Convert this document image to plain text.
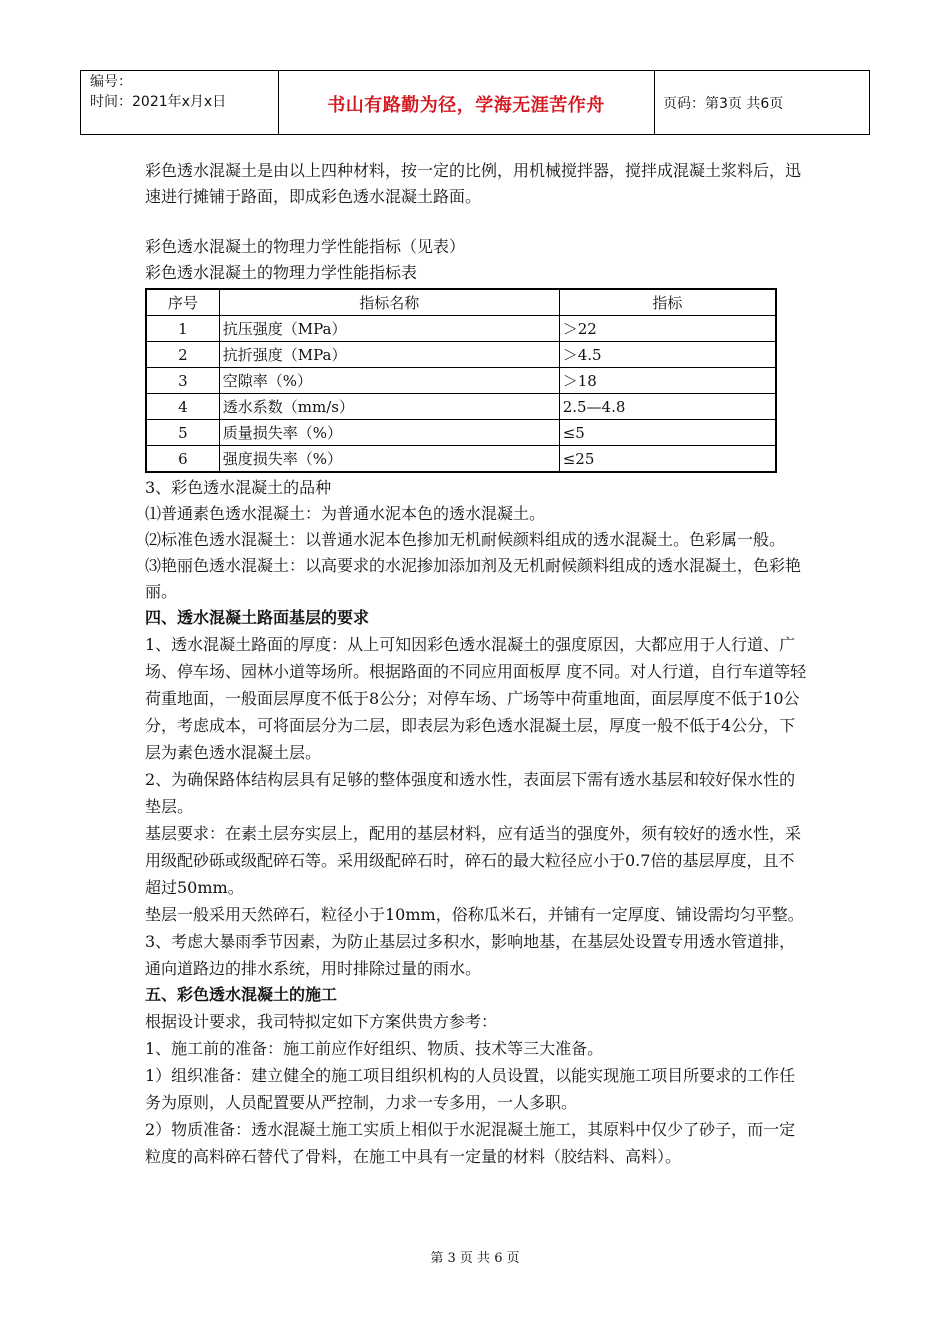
编号：
时间：2021年x月x日	书山有路勤为径，学海无涯苦作舟	页码：第3页 共6页

彩色透水混凝土是由以上四种材料，按一定的比例，用机械搅拌器，搅拌成混凝土浆料后，迅速进行摊铺于路面，即成彩色透水混凝土路面。

彩色透水混凝土的物理力学性能指标（见表）

彩色透水混凝土的物理力学性能指标表

序号	指标名称	指标
1	抗压强度（MPa）	＞22
2	抗折强度（MPa）	＞4.5
3	空隙率（%）	＞18
4	透水系数（mm/s）	2.5—4.8
5	质量损失率（%）	≤5
6	强度损失率（%）	≤25

3、彩色透水混凝土的品种

⑴普通素色透水混凝土：为普通水泥本色的透水混凝土。

⑵标准色透水混凝土：以普通水泥本色掺加无机耐候颜料组成的透水混凝土。色彩属一般。

⑶艳丽色透水混凝土：以高要求的水泥掺加添加剂及无机耐候颜料组成的透水混凝土，色彩艳丽。

四、透水混凝土路面基层的要求

1、透水混凝土路面的厚度：从上可知因彩色透水混凝土的强度原因，大都应用于人行道、广场、停车场、园林小道等场所。根据路面的不同应用面板厚 度不同。对人行道，自行车道等轻荷重地面，一般面层厚度不低于8公分；对停车场、广场等中荷重地面，面层厚度不低于10公分，考虑成本，可将面层分为二层，即表层为彩色透水混凝土层，厚度一般不低于4公分，下层为素色透水混凝土层。

2、为确保路体结构层具有足够的整体强度和透水性，表面层下需有透水基层和较好保水性的垫层。

基层要求：在素土层夯实层上，配用的基层材料，应有适当的强度外，须有较好的透水性，采用级配砂砾或级配碎石等。采用级配碎石时，碎石的最大粒径应小于0.7倍的基层厚度，且不超过50mm。

垫层一般采用天然碎石，粒径小于10mm，俗称瓜米石，并铺有一定厚度、铺设需均匀平整。

3、考虑大暴雨季节因素，为防止基层过多积水，影响地基，在基层处设置专用透水管道排，通向道路边的排水系统，用时排除过量的雨水。

五、彩色透水混凝土的施工

根据设计要求，我司特拟定如下方案供贵方参考：

1、施工前的准备：施工前应作好组织、物质、技术等三大准备。

1）组织准备：建立健全的施工项目组织机构的人员设置，以能实现施工项目所要求的工作任务为原则，人员配置要从严控制，力求一专多用，一人多职。

2）物质准备：透水混凝土施工实质上相似于水泥混凝土施工，其原料中仅少了砂子，而一定粒度的高料碎石替代了骨料，在施工中具有一定量的材料（胶结料、高料）。

第 3 页 共 6 页
